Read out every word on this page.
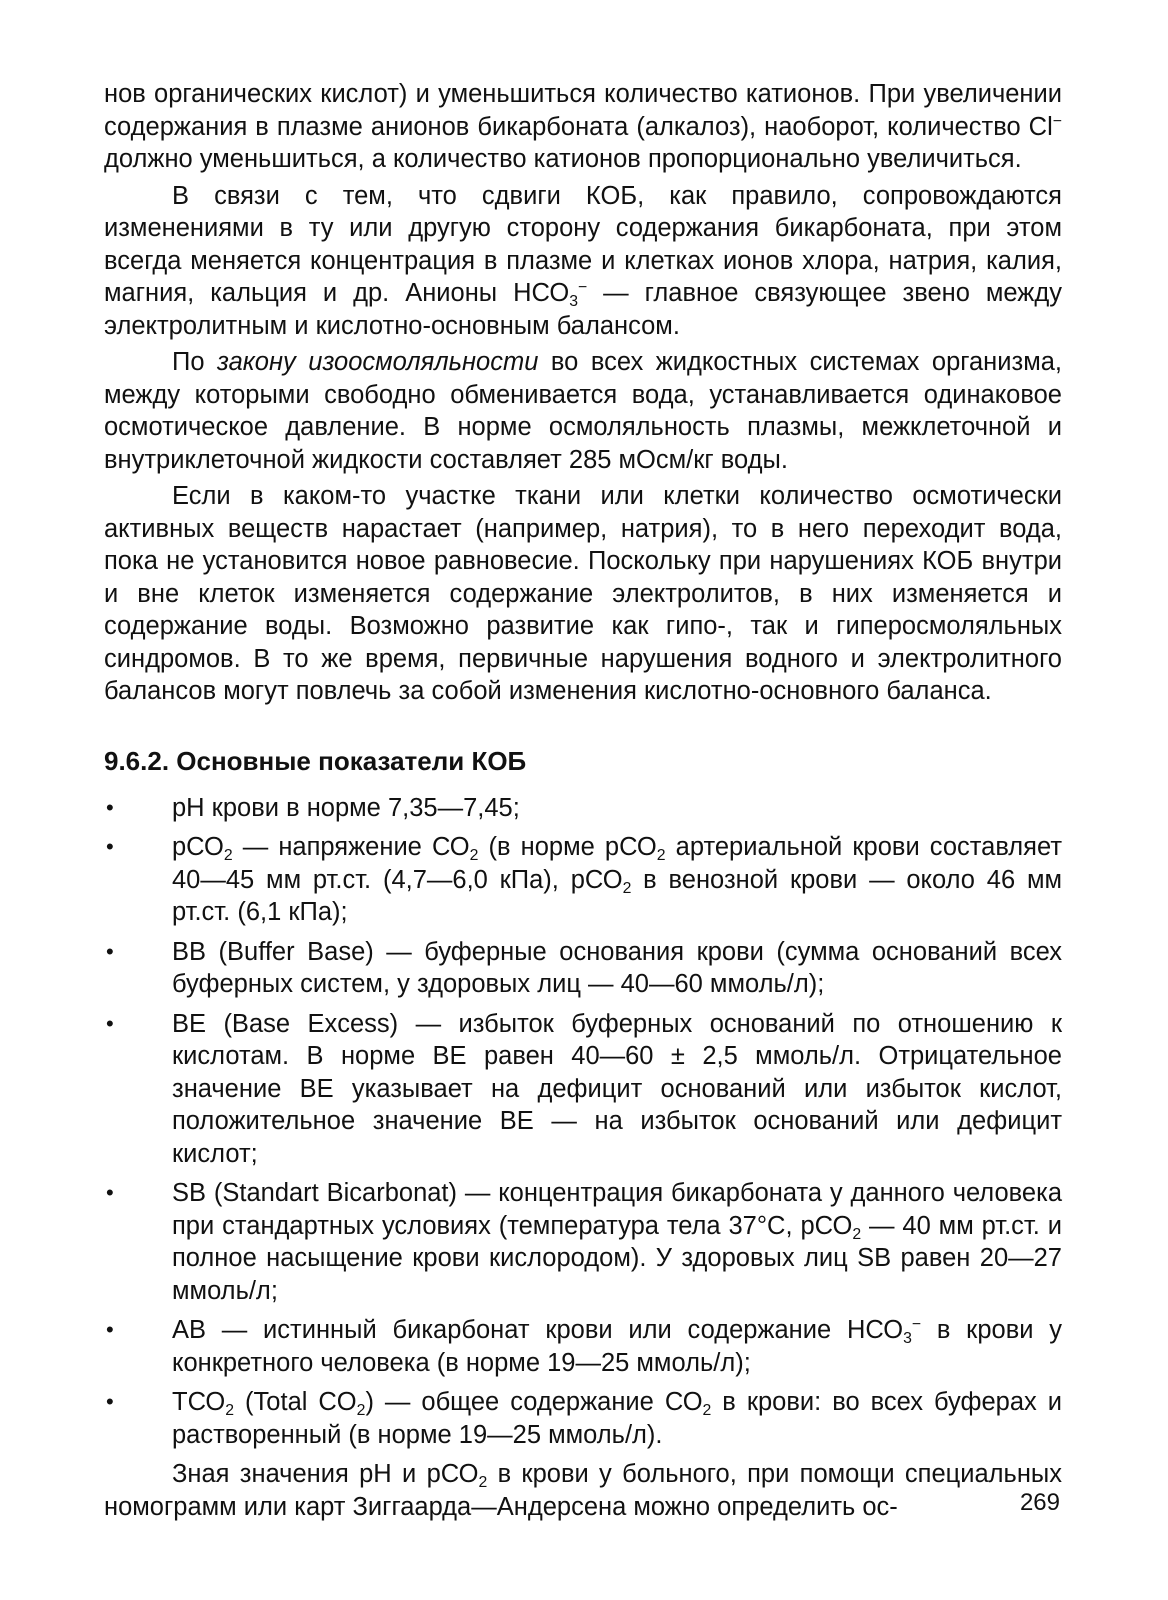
нов органических кислот) и уменьшиться количество катионов. При увеличении содержания в плазме анионов бикарбоната (алкалоз), наоборот, количество Cl− должно уменьшиться, а количество катионов пропорционально увеличиться.

В связи с тем, что сдвиги КОБ, как правило, сопровождаются изменениями в ту или другую сторону содержания бикарбоната, при этом всегда меняется концентрация в плазме и клетках ионов хлора, натрия, калия, магния, кальция и др. Анионы $НСО_3^-$ — главное связующее звено между электролитным и кислотно-основным балансом.

По закону изоосмоляльности во всех жидкостных системах организма, между которыми свободно обменивается вода, устанавливается одинаковое осмотическое давление. В норме осмоляльность плазмы, межклеточной и внутриклеточной жидкости составляет 285 мОсм/кг воды.

Если в каком-то участке ткани или клетки количество осмотически активных веществ нарастает (например, натрия), то в него переходит вода, пока не установится новое равновесие. Поскольку при нарушениях КОБ внутри и вне клеток изменяется содержание электролитов, в них изменяется и содержание воды. Возможно развитие как гипо-, так и гиперосмоляльных синдромов. В то же время, первичные нарушения водного и электролитного балансов могут повлечь за собой изменения кислотно-основного баланса.

9.6.2. Основные показатели КОБ
• рН крови в норме 7,35—7,45;
• рСО$_2$ — напряжение $СО_2$ (в норме рСО$_2$ артериальной крови составляет 40—45 мм рт.ст. (4,7—6,0 кПа), рСО$_2$ в венозной крови — около 46 мм рт.ст. (6,1 кПа);
• ВВ (Buffer Base) — буферные основания крови (сумма оснований всех буферных систем, у здоровых лиц — 40—60 ммоль/л);
• ВЕ (Base Excess) — избыток буферных оснований по отношению к кислотам. В норме ВЕ равен 40—60 ± 2,5 ммоль/л. Отрицательное значение ВЕ указывает на дефицит оснований или избыток кислот, положительное значение ВЕ — на избыток оснований или дефицит кислот;
• SB (Standart Bicarbonat) — концентрация бикарбоната у данного человека при стандартных условиях (температура тела 37°С, рСО$_2$ — 40 мм рт.ст. и полное насыщение крови кислородом). У здоровых лиц SB равен 20—27 ммоль/л;
• АВ — истинный бикарбонат крови или содержание $НСО_3^-$ в крови у конкретного человека (в норме 19—25 ммоль/л);
• $ТСО_2$ (Total $CO_2$) — общее содержание $СО_2$ в крови: во всех буферах и растворенный (в норме 19—25 ммоль/л).

Зная значения рН и рСО$_2$ в крови у больного, при помощи специальных номограмм или карт Зиггаарда—Андерсена можно определить ос-	269
